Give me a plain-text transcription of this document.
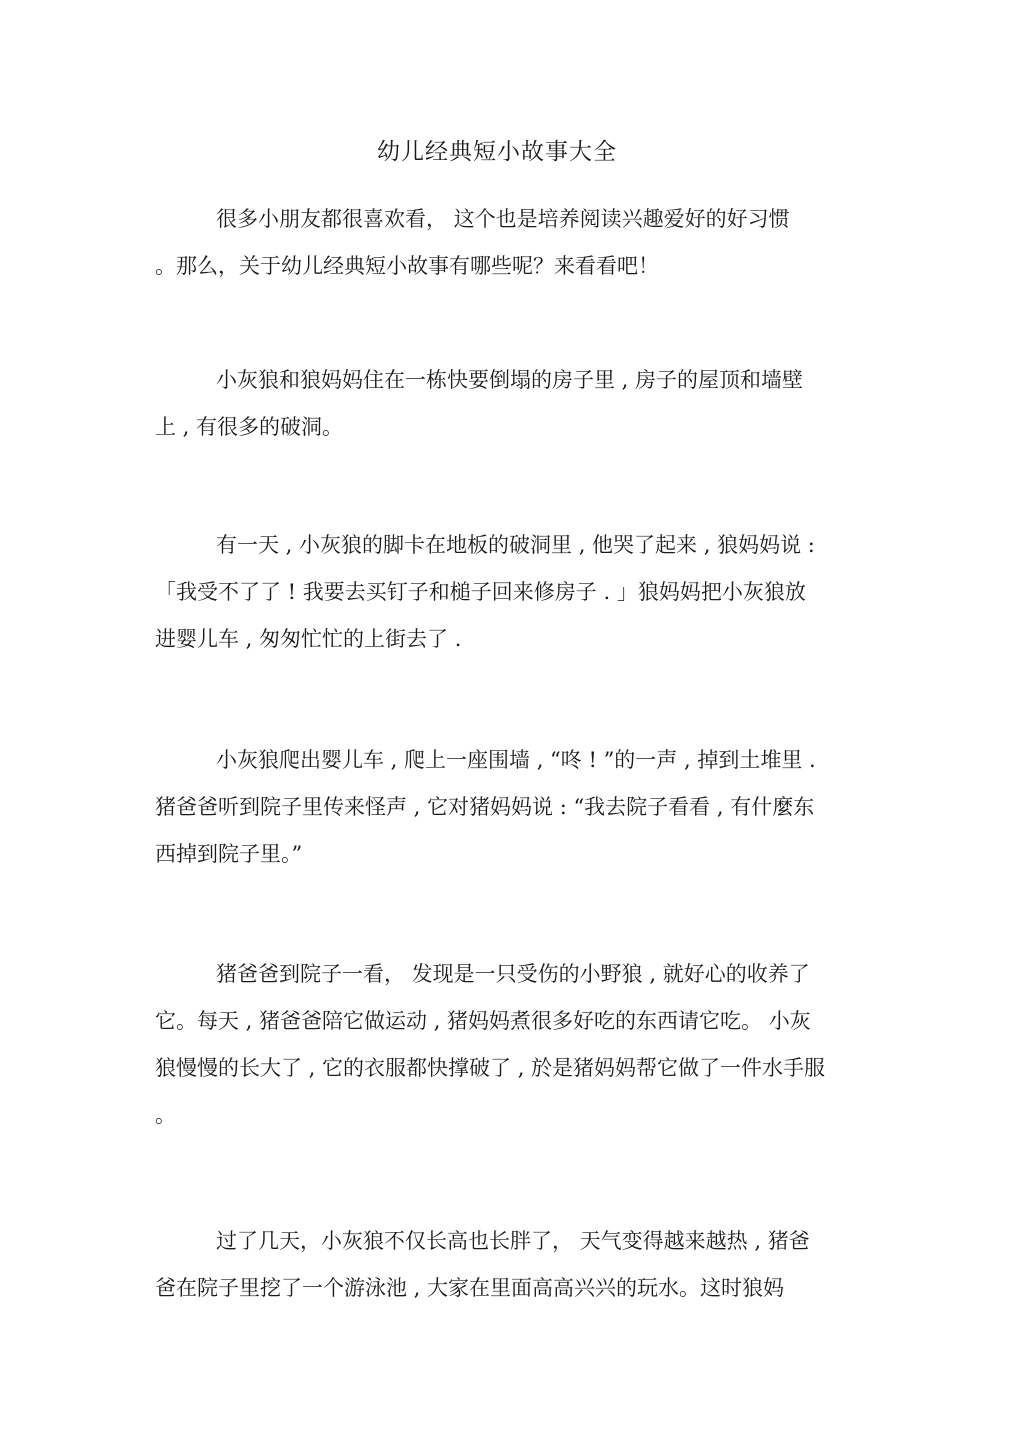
幼儿经典短小故事大全
很多小朋友都很喜欢看， 这个也是培养阅读兴趣爱好的好习惯
。那么，关于幼儿经典短小故事有哪些呢？来看看吧！
小灰狼和狼妈妈住在一栋快要倒塌的房子里 , 房子的屋顶和墙壁
上 , 有很多的破洞。
有一天 , 小灰狼的脚卡在地板的破洞里 , 他哭了起来 , 狼妈妈说 :
「我受不了了 ! 我要去买钉子和槌子回来修房子 . 」狼妈妈把小灰狼放
进婴儿车 , 匆匆忙忙的上街去了 .
小灰狼爬出婴儿车 , 爬上一座围墙 , “咚 ! ”的一声 , 掉到土堆里 .
猪爸爸听到院子里传来怪声 , 它对猪妈妈说 : “我去院子看看 , 有什麼东
西掉到院子里。”
猪爸爸到院子一看， 发现是一只受伤的小野狼 , 就好心的收养了
它。每天 , 猪爸爸陪它做运动 , 猪妈妈煮很多好吃的东西请它吃。 小灰
狼慢慢的长大了 , 它的衣服都快撑破了 , 於是猪妈妈帮它做了一件水手服
。
过了几天，小灰狼不仅长高也长胖了， 天气变得越来越热 , 猪爸
爸在院子里挖了一个游泳池 , 大家在里面高高兴兴的玩水。这时狼妈
